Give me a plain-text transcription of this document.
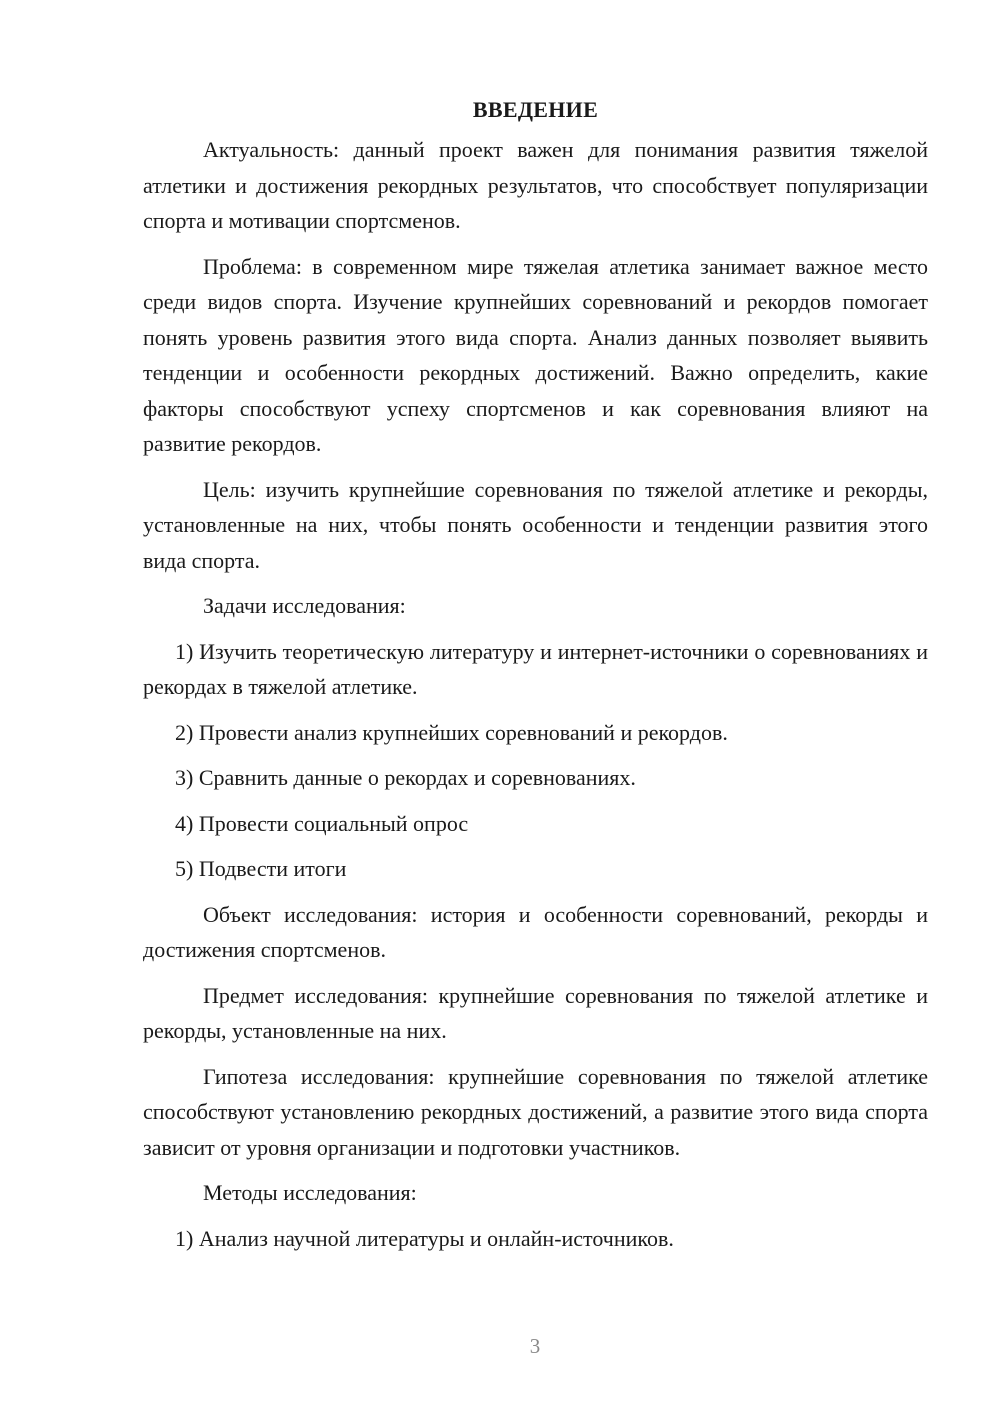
ВВЕДЕНИЕ

Актуальность: данный проект важен для понимания развития тяжелой атлетики и достижения рекордных результатов, что способствует популяризации спорта и мотивации спортсменов.

Проблема: в современном мире тяжелая атлетика занимает важное место среди видов спорта. Изучение крупнейших соревнований и рекордов помогает понять уровень развития этого вида спорта. Анализ данных позволяет выявить тенденции и особенности рекордных достижений. Важно определить, какие факторы способствуют успеху спортсменов и как соревнования влияют на развитие рекордов.

Цель: изучить крупнейшие соревнования по тяжелой атлетике и рекорды, установленные на них, чтобы понять особенности и тенденции развития этого вида спорта.

Задачи исследования:

1) Изучить теоретическую литературу и интернет-источники о соревнованиях и рекордах в тяжелой атлетике.

2) Провести анализ крупнейших соревнований и рекордов.

3) Сравнить данные о рекордах и соревнованиях.

4) Провести социальный опрос

5) Подвести итоги

Объект исследования: история и особенности соревнований, рекорды и достижения спортсменов.

Предмет исследования: крупнейшие соревнования по тяжелой атлетике и рекорды, установленные на них.

Гипотеза исследования: крупнейшие соревнования по тяжелой атлетике способствуют установлению рекордных достижений, а развитие этого вида спорта зависит от уровня организации и подготовки участников.

Методы исследования:

1) Анализ научной литературы и онлайн-источников.

3
